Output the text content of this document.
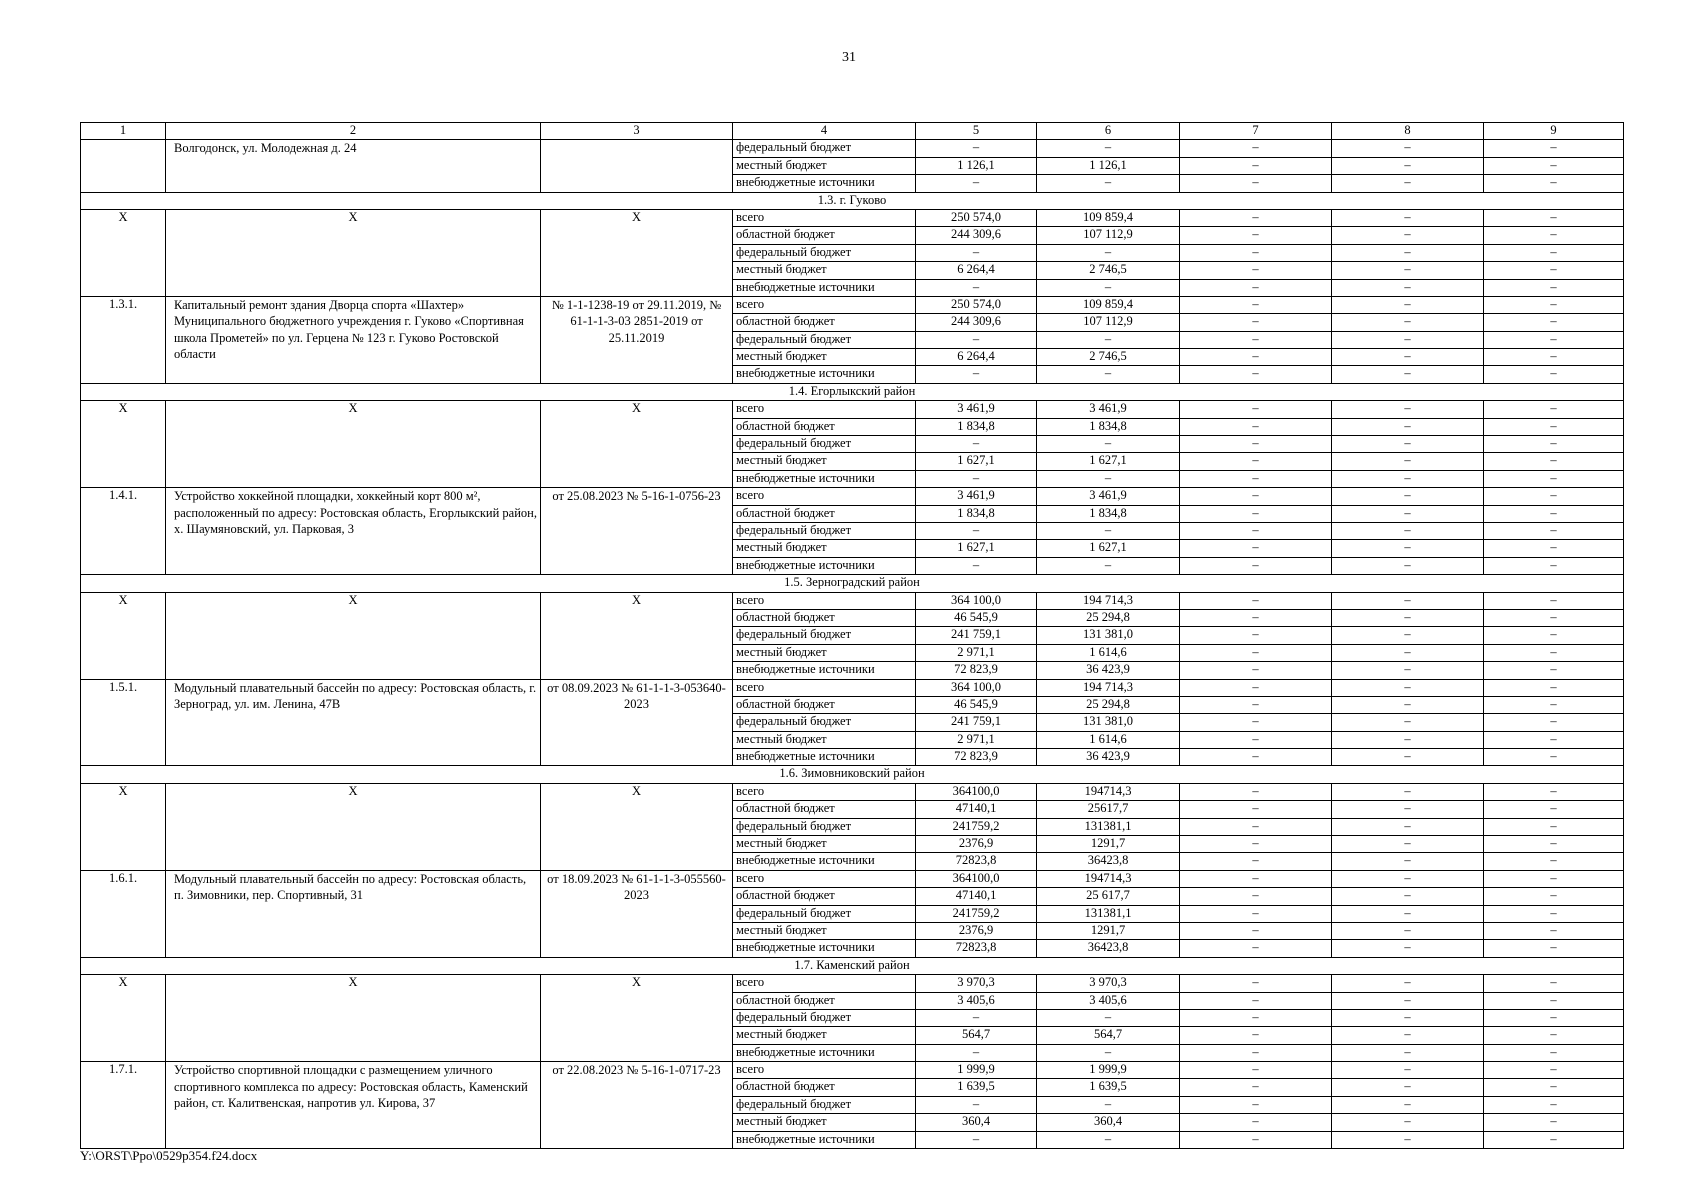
31
1	2	3	4	5	6	7	8	9
	Волгодонск, ул. Молодежная д. 24		федеральный бюджет	–	–	–	–	–
			местный бюджет	1 126,1	1 126,1	–	–	–
			внебюджетные источники	–	–	–	–	–
1.3. г. Гуково								
Х	Х	Х	всего	250 574,0	109 859,4	–	–	–
			областной бюджет	244 309,6	107 112,9	–	–	–
			федеральный бюджет	–	–	–	–	–
			местный бюджет	6 264,4	2 746,5	–	–	–
			внебюджетные источники	–	–	–	–	–
1.3.1.	Капитальный ремонт здания Дворца спорта «Шахтер» Муниципального бюджетного учреждения г. Гуково «Спортивная школа Прометей» по ул. Герцена № 123 г. Гуково Ростовской области	№ 1-1-1238-19 от 29.11.2019, № 61-1-1-3-03 2851-2019 от 25.11.2019	всего	250 574,0	109 859,4	–	–	–
			областной бюджет	244 309,6	107 112,9	–	–	–
			федеральный бюджет	–	–	–	–	–
			местный бюджет	6 264,4	2 746,5	–	–	–
			внебюджетные источники	–	–	–	–	–
1.4. Егорлыкский район								
Х	Х	Х	всего	3 461,9	3 461,9	–	–	–
			областной бюджет	1 834,8	1 834,8	–	–	–
			федеральный бюджет	–	–	–	–	–
			местный бюджет	1 627,1	1 627,1	–	–	–
			внебюджетные источники	–	–	–	–	–
1.4.1.	Устройство хоккейной площадки, хоккейный корт 800 м², расположенный по адресу: Ростовская область, Егорлыкский район, х. Шаумяновский, ул. Парковая, 3	от 25.08.2023 № 5-16-1-0756-23	всего	3 461,9	3 461,9	–	–	–
			областной бюджет	1 834,8	1 834,8	–	–	–
			федеральный бюджет	–	–	–	–	–
			местный бюджет	1 627,1	1 627,1	–	–	–
			внебюджетные источники	–	–	–	–	–
1.5. Зерноградский район								
Х	Х	Х	всего	364 100,0	194 714,3	–	–	–
			областной бюджет	46 545,9	25 294,8	–	–	–
			федеральный бюджет	241 759,1	131 381,0	–	–	–
			местный бюджет	2 971,1	1 614,6	–	–	–
			внебюджетные источники	72 823,9	36 423,9	–	–	–
1.5.1.	Модульный плавательный бассейн по адресу: Ростовская область, г. Зерноград, ул. им. Ленина, 47В	от 08.09.2023 № 61-1-1-3-053640-2023	всего	364 100,0	194 714,3	–	–	–
			областной бюджет	46 545,9	25 294,8	–	–	–
			федеральный бюджет	241 759,1	131 381,0	–	–	–
			местный бюджет	2 971,1	1 614,6	–	–	–
			внебюджетные источники	72 823,9	36 423,9	–	–	–
1.6. Зимовниковский район								
Х	Х	Х	всего	364100,0	194714,3	–	–	–
			областной бюджет	47140,1	25617,7	–	–	–
			федеральный бюджет	241759,2	131381,1	–	–	–
			местный бюджет	2376,9	1291,7	–	–	–
			внебюджетные источники	72823,8	36423,8	–	–	–
1.6.1.	Модульный плавательный бассейн по адресу: Ростовская область, п. Зимовники, пер. Спортивный, 31	от 18.09.2023 № 61-1-1-3-055560-2023	всего	364100,0	194714,3	–	–	–
			областной бюджет	47140,1	25 617,7	–	–	–
			федеральный бюджет	241759,2	131381,1	–	–	–
			местный бюджет	2376,9	1291,7	–	–	–
			внебюджетные источники	72823,8	36423,8	–	–	–
1.7. Каменский район								
Х	Х	Х	всего	3 970,3	3 970,3	–	–	–
			областной бюджет	3 405,6	3 405,6	–	–	–
			федеральный бюджет	–	–	–	–	–
			местный бюджет	564,7	564,7	–	–	–
			внебюджетные источники	–	–	–	–	–
1.7.1.	Устройство спортивной площадки с размещением уличного спортивного комплекса по адресу: Ростовская область, Каменский район, ст. Калитвенская, напротив ул. Кирова, 37	от 22.08.2023 № 5-16-1-0717-23	всего	1 999,9	1 999,9	–	–	–
			областной бюджет	1 639,5	1 639,5	–	–	–
			федеральный бюджет	–	–	–	–	–
			местный бюджет	360,4	360,4	–	–	–
			внебюджетные источники	–	–	–	–	–
Y:\ORST\Ppo\0529p354.f24.docx
